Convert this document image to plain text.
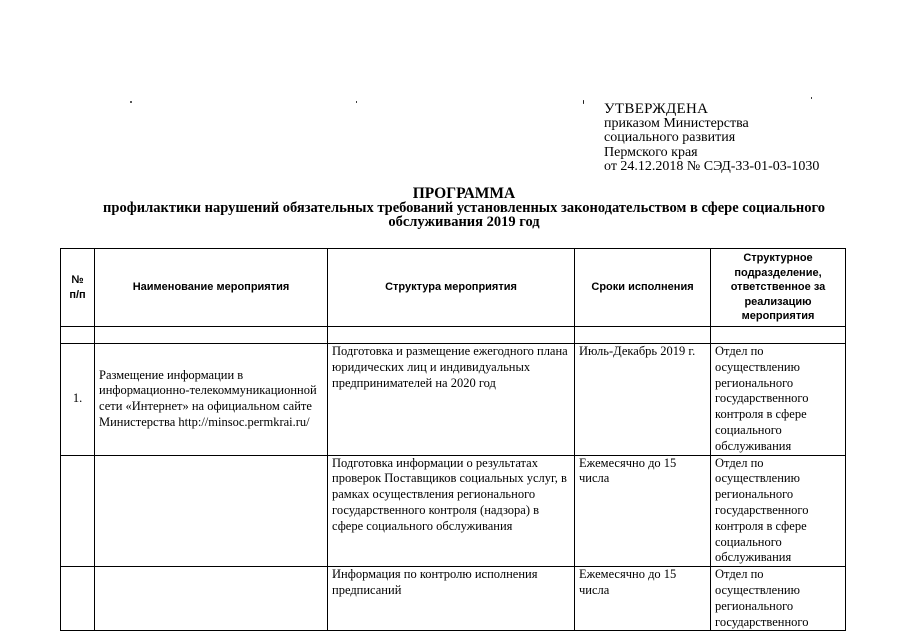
УТВЕРЖДЕНА
приказом Министерства
социального развития
Пермского края
от 24.12.2018 № СЭД-33-01-03-1030
ПРОГРАММА
профилактики нарушений обязательных требований установленных законодательством в сфере социального обслуживания 2019 год
№ п/п	Наименование мероприятия	Структура мероприятия	Сроки исполнения	Структурное подразделение, ответственное за реализацию мероприятия

1.	Размещение информации в информационно-телекоммуникационной сети «Интернет» на официальном сайте Министерства http://minsoc.permkrai.ru/	Подготовка и размещение ежегодного плана юридических лиц и индивидуальных предпринимателей на 2020 год	Июль-Декабрь 2019 г.	Отдел по осуществлению регионального государственного контроля в сфере социального обслуживания
		Подготовка информации о результатах проверок Поставщиков социальных услуг, в рамках осуществления регионального государственного контроля (надзора) в сфере социального обслуживания	Ежемесячно до 15 числа	Отдел по осуществлению регионального государственного контроля в сфере социального обслуживания
		Информация по контролю исполнения предписаний	Ежемесячно до 15 числа	Отдел по осуществлению регионального государственного
